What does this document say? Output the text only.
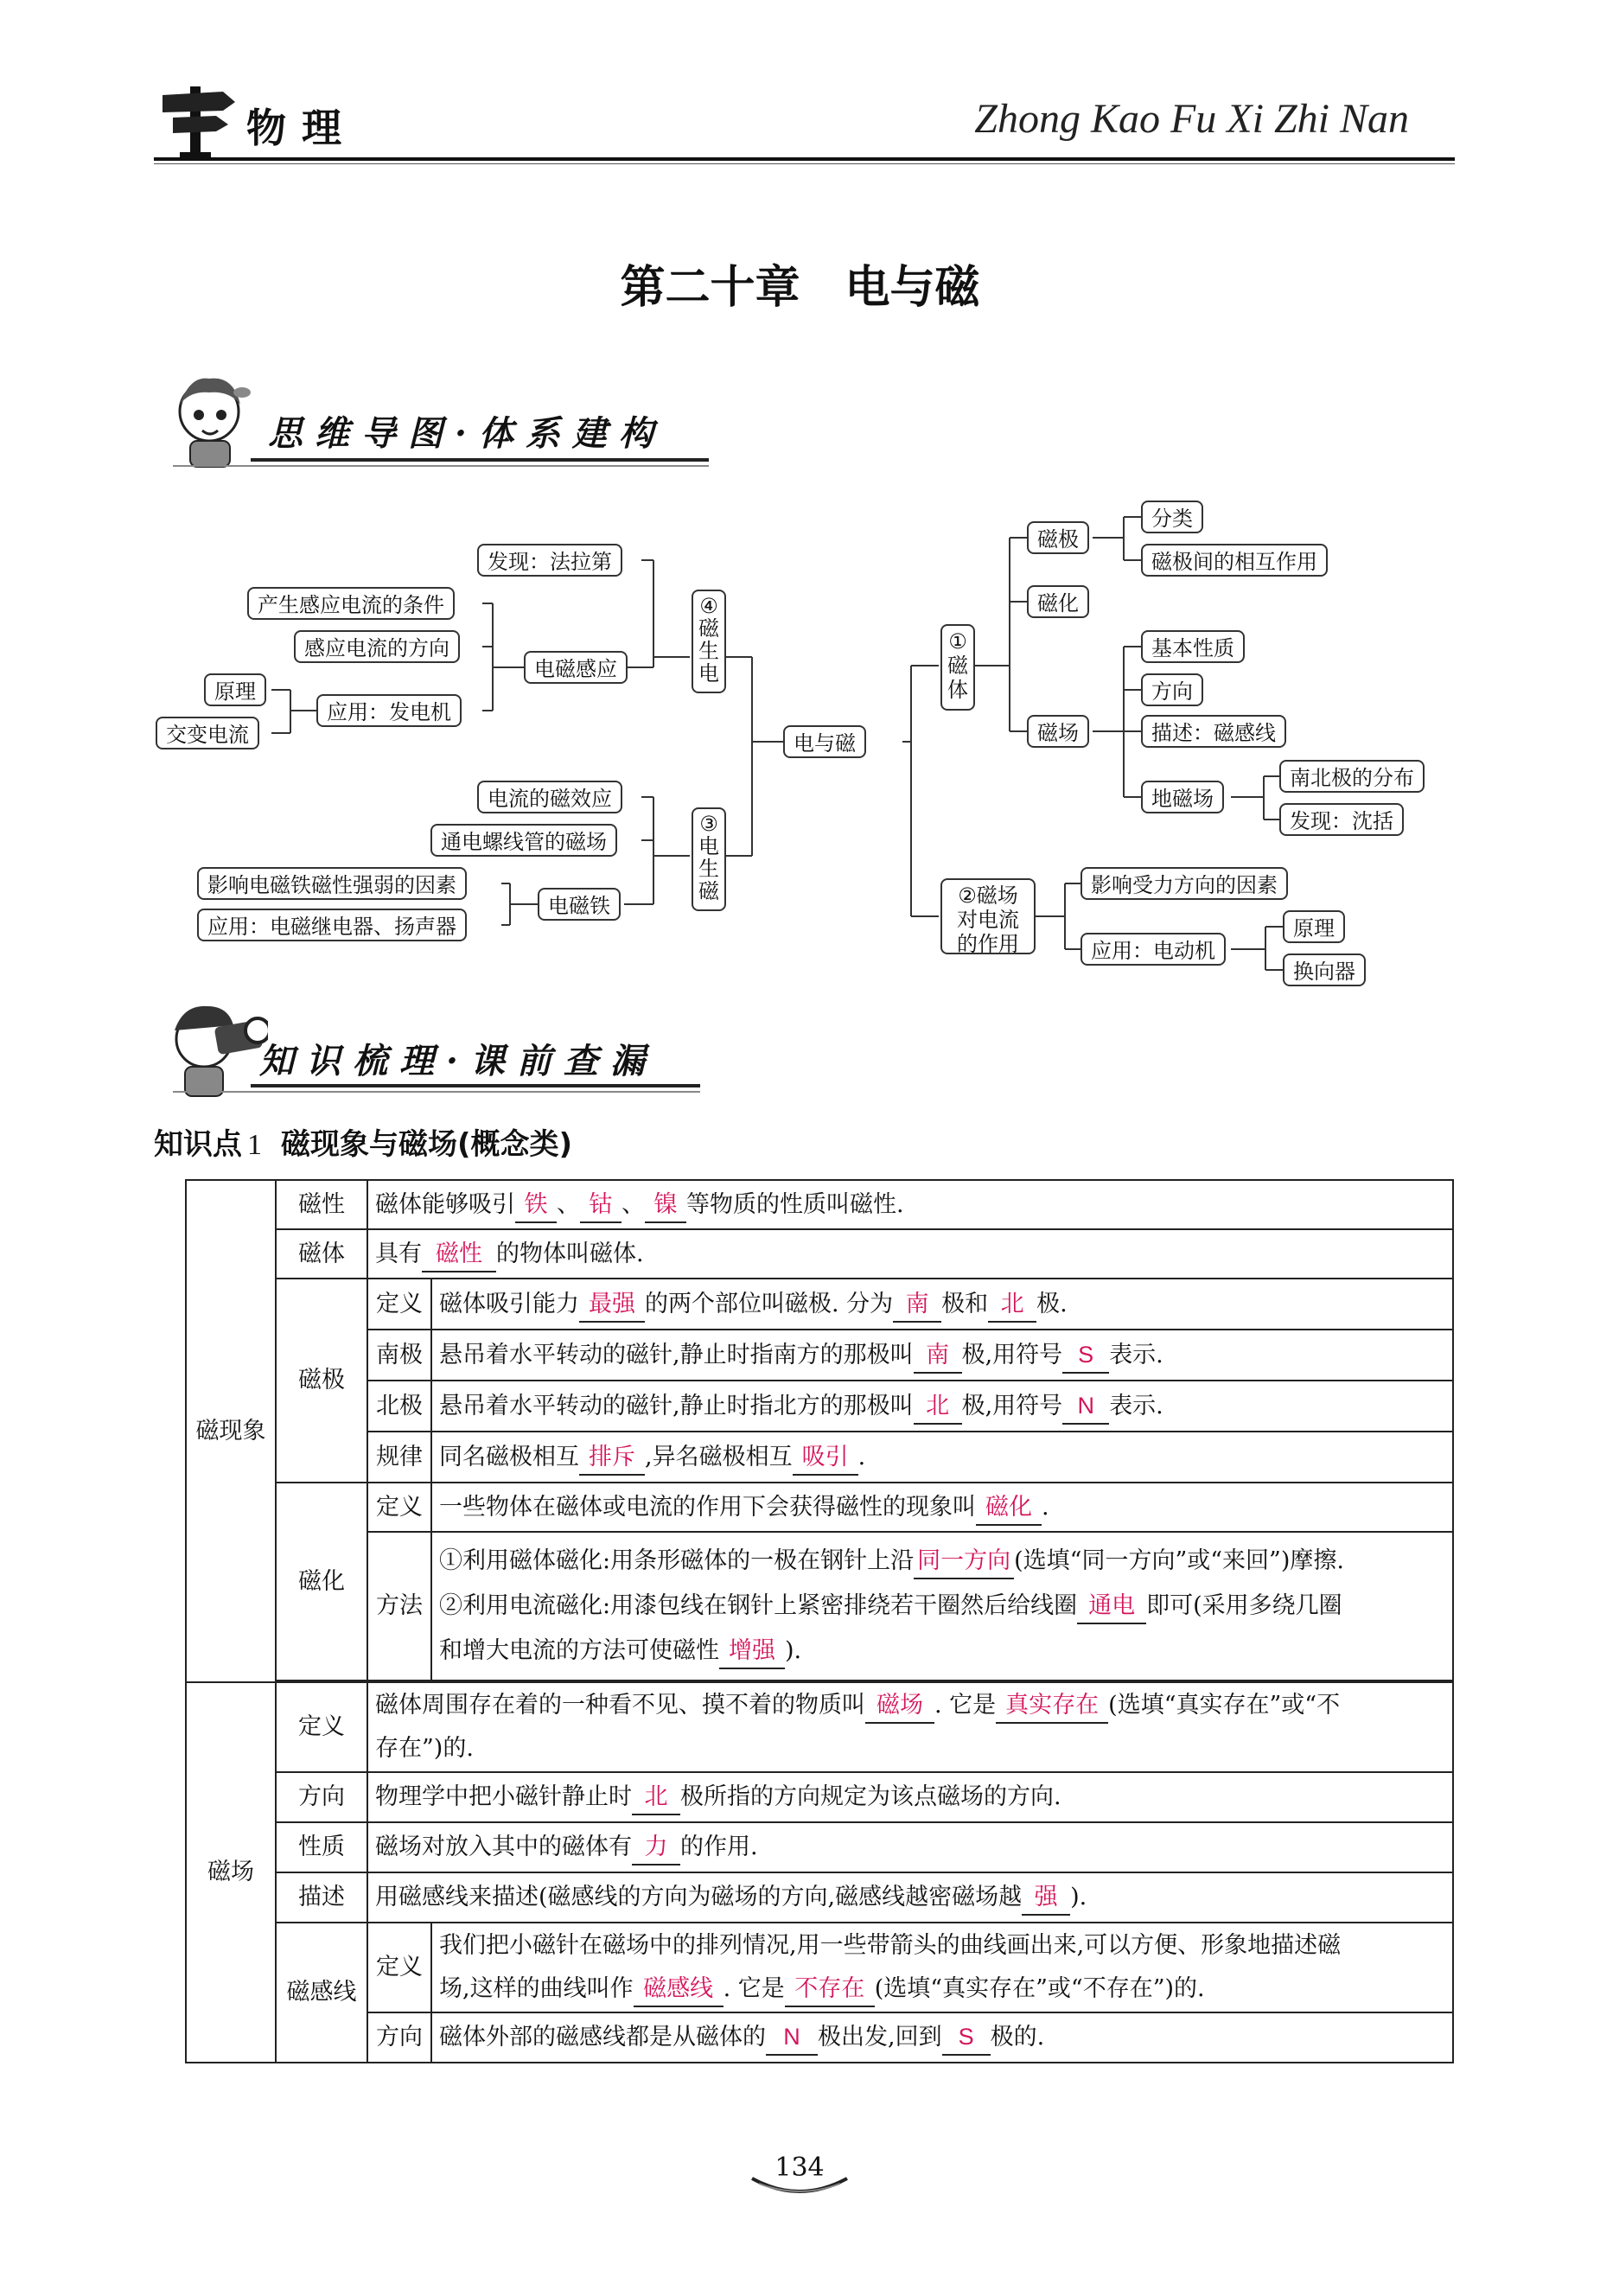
物理	Zhong Kao Fu Xi Zhi Nan
第二十章　电与磁
思维导图·体系建构
电与磁
①
磁
体
磁极
分类
磁极间的相互作用
磁化
磁场
基本性质
方向
描述：磁感线
地磁场
南北极的分布
发现：沈括
②磁场
对电流
的作用
影响受力方向的因素
应用：电动机
原理
换向器
③
电
生
磁
电流的磁效应
通电螺线管的磁场
电磁铁
影响电磁铁磁性强弱的因素
应用：电磁继电器、扬声器
④
磁
生
电
发现：法拉第
电磁感应
产生感应电流的条件
感应电流的方向
应用：发电机
原理
交变电流
知识梳理·课前查漏
知识点 1 磁现象与磁场(概念类)
磁现象	磁性	磁体能够吸引 铁 、 钴 、 镍 等物质的性质叫磁性.	
	磁体	具有 磁性 的物体叫磁体.	
	磁极	定义	磁体吸引能力 最强 的两个部位叫磁极. 分为 南 极和 北 极.
		南极	悬吊着水平转动的磁针,静止时指南方的那极叫 南 极,用符号 S 表示.
		北极	悬吊着水平转动的磁针,静止时指北方的那极叫 北 极,用符号 N 表示.
		规律	同名磁极相互 排斥 ,异名磁极相互 吸引 .
	磁化	定义	一些物体在磁体或电流的作用下会获得磁性的现象叫 磁化 .
		方法	①利用磁体磁化:用条形磁体的一极在钢针上沿 同一方向 (选填“同一方向”或“来回”)摩擦.
②利用电流磁化:用漆包线在钢针上紧密排绕若干圈然后给线圈 通电 即可(采用多绕几圈
和增大电流的方法可使磁性 增强 ).

磁场	定义	磁体周围存在着的一种看不见、摸不着的物质叫 磁场 . 它是 真实存在 (选填“真实存在”或“不
存在”)的.	
	方向	物理学中把小磁针静止时 北 极所指的方向规定为该点磁场的方向.	
	性质	磁场对放入其中的磁体有 力 的作用.	
	描述	用磁感线来描述(磁感线的方向为磁场的方向,磁感线越密磁场越 强 ).	
	磁感线	定义	我们把小磁针在磁场中的排列情况,用一些带箭头的曲线画出来,可以方便、形象地描述磁
场,这样的曲线叫作 磁感线 . 它是 不存在 (选填“真实存在”或“不存在”)的.
		方向	磁体外部的磁感线都是从磁体的 N 极出发,回到 S 极的.
134
